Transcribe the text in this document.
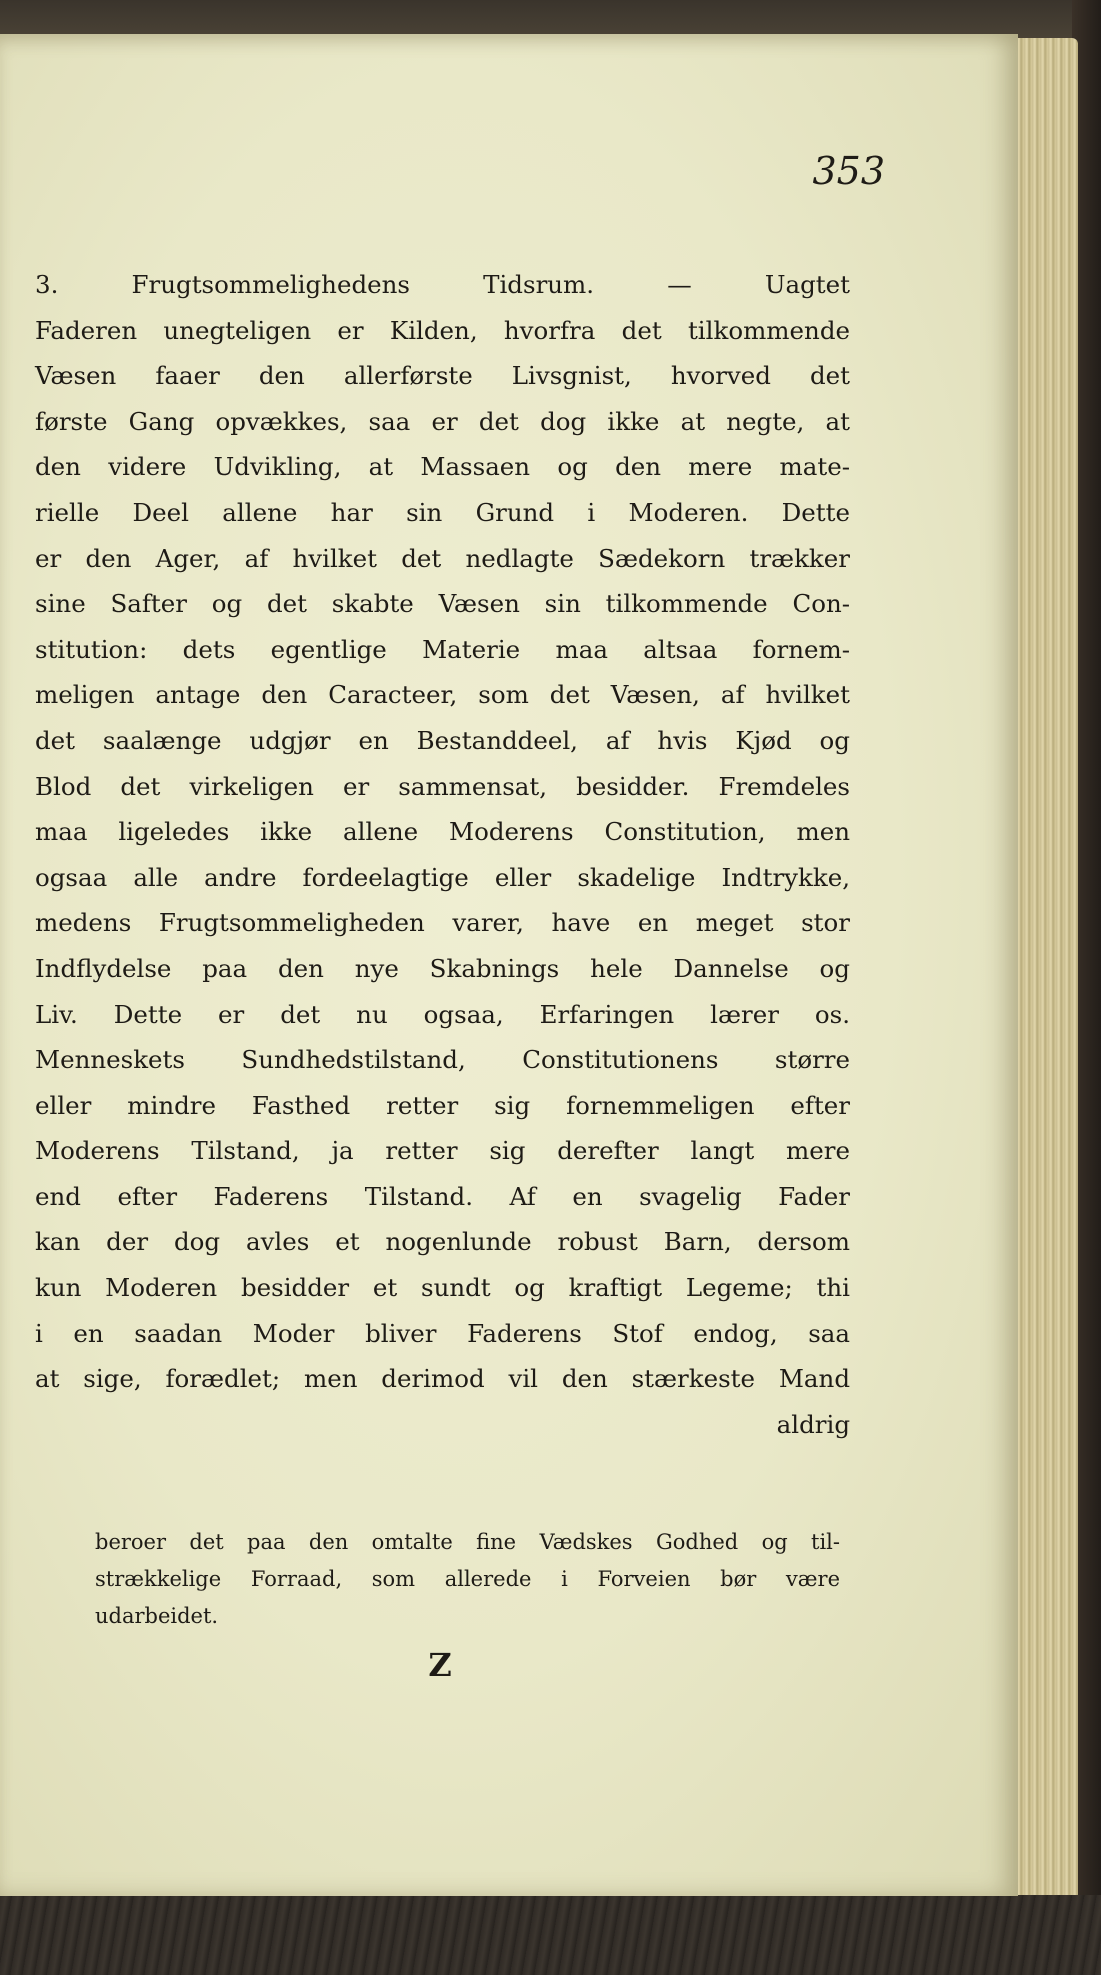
353
3. Frugtsommelighedens Tidsrum. — Uagtet
Faderen unegteligen er Kilden, hvorfra det tilkommende
Væsen faaer den allerførste Livsgnist, hvorved det
første Gang opvækkes, saa er det dog ikke at negte, at
den videre Udvikling, at Massaen og den mere mate-
rielle Deel allene har sin Grund i Moderen. Dette
er den Ager, af hvilket det nedlagte Sædekorn trækker
sine Safter og det skabte Væsen sin tilkommende Con-
stitution: dets egentlige Materie maa altsaa fornem-
meligen antage den Caracteer, som det Væsen, af hvilket
det saalænge udgjør en Bestanddeel, af hvis Kjød og
Blod det virkeligen er sammensat, besidder. Fremdeles
maa ligeledes ikke allene Moderens Constitution, men
ogsaa alle andre fordeelagtige eller skadelige Indtrykke,
medens Frugtsommeligheden varer, have en meget stor
Indflydelse paa den nye Skabnings hele Dannelse og
Liv. Dette er det nu ogsaa, Erfaringen lærer os.
Menneskets Sundhedstilstand, Constitutionens større
eller mindre Fasthed retter sig fornemmeligen efter
Moderens Tilstand, ja retter sig derefter langt mere
end efter Faderens Tilstand. Af en svagelig Fader
kan der dog avles et nogenlunde robust Barn, dersom
kun Moderen besidder et sundt og kraftigt Legeme; thi
i en saadan Moder bliver Faderens Stof endog, saa
at sige, forædlet; men derimod vil den stærkeste Mand
aldrig
beroer det paa den omtalte fine Vædskes Godhed og til-
strækkelige Forraad, som allerede i Forveien bør være
udarbeidet.
Z
